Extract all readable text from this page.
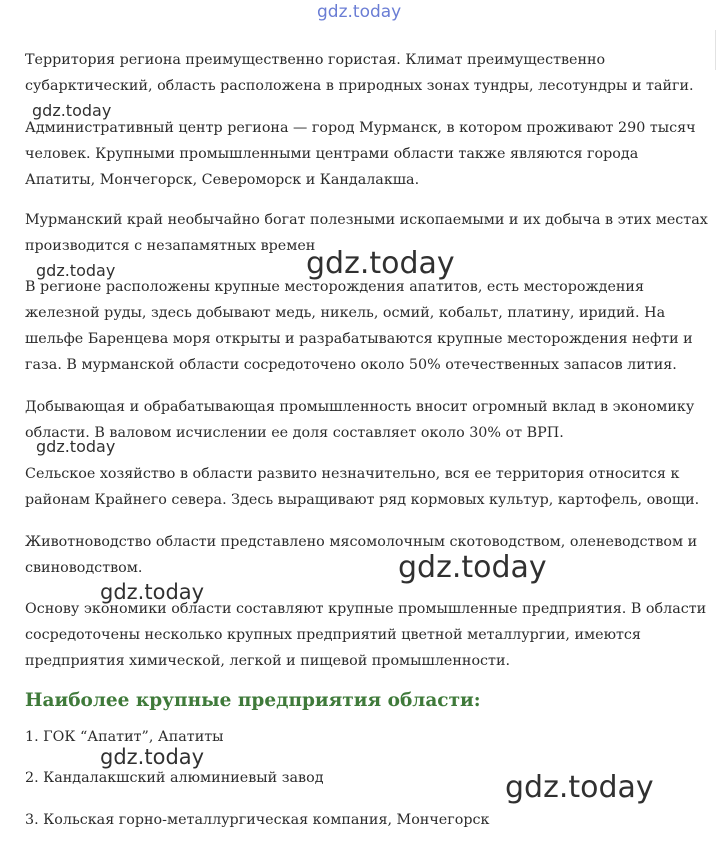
gdz.today

Территория региона преимущественно гористая. Климат преимущественно
субарктический, область расположена в природных зонах тундры, лесотундры и тайги.

Административный центр региона — город Мурманск, в котором проживают 290 тысяч
человек. Крупными промышленными центрами области также являются города
Апатиты, Мончегорск, Североморск и Кандалакша.

Мурманский край необычайно богат полезными ископаемыми и их добыча в этих местах
производится с незапамятных времен

В регионе расположены крупные месторождения апатитов, есть месторождения
железной руды, здесь добывают медь, никель, осмий, кобальт, платину, иридий. На
шельфе Баренцева моря открыты и разрабатываются крупные месторождения нефти и
газа. В мурманской области сосредоточено около 50% отечественных запасов лития.

Добывающая и обрабатывающая промышленность вносит огромный вклад в экономику
области. В валовом исчислении ее доля составляет около 30% от ВРП.

Сельское хозяйство в области развито незначительно, вся ее территория относится к
районам Крайнего севера. Здесь выращивают ряд кормовых культур, картофель, овощи.

Животноводство области представлено мясомолочным скотоводством, оленеводством и
свиноводством.

Основу экономики области составляют крупные промышленные предприятия. В области
сосредоточены несколько крупных предприятий цветной металлургии, имеются
предприятия химической, легкой и пищевой промышленности.

Наиболее крупные предприятия области:
1. ГОК “Апатит”, Апатиты
2. Кандалакшский алюминиевый завод
3. Кольская горно-металлургическая компания, Мончегорск
gdz.today
gdz.today
gdz.today
gdz.today
gdz.today
gdz.today
gdz.today
gdz.today
